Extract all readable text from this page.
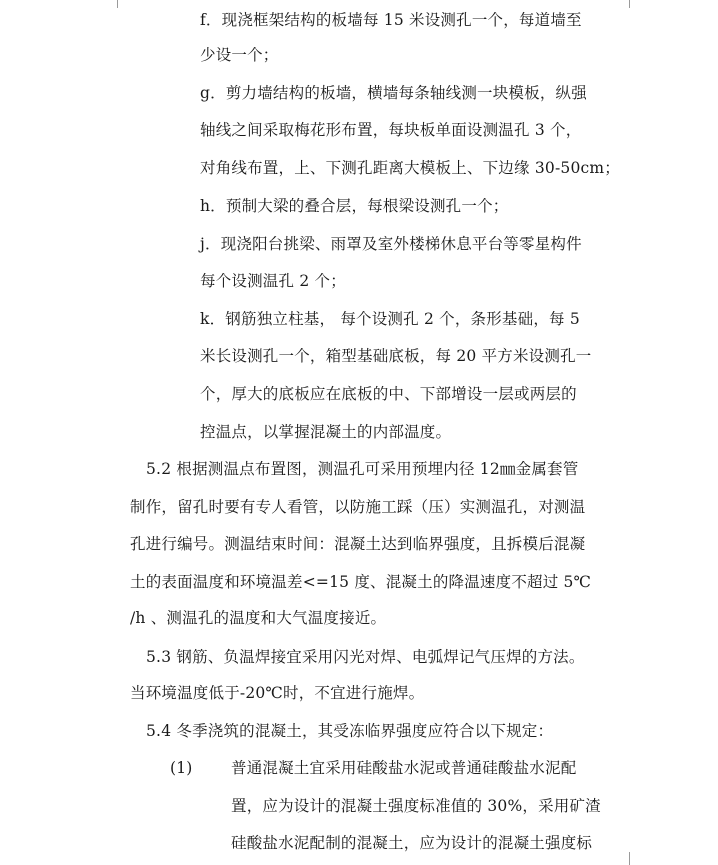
f．现浇框架结构的板墙每 15 米设测孔一个，每道墙至
少设一个；
g．剪力墙结构的板墙，横墙每条轴线测一块模板，纵强
轴线之间采取梅花形布置，每块板单面设测温孔 3 个，
对角线布置，上、下测孔距离大模板上、下边缘 30-50cm；
h．预制大梁的叠合层，每根梁设测孔一个；
j．现浇阳台挑梁、雨罩及室外楼梯休息平台等零星构件
每个设测温孔 2 个；
k．钢筋独立柱基， 每个设测孔 2 个，条形基础，每 5
米长设测孔一个，箱型基础底板，每 20 平方米设测孔一
个，厚大的底板应在底板的中、下部增设一层或两层的
控温点，以掌握混凝土的内部温度。
5.2 根据测温点布置图，测温孔可采用预埋内径 12㎜金属套管
制作，留孔时要有专人看管，以防施工踩（压）实测温孔，对测温
孔进行编号。测温结束时间：混凝土达到临界强度，且拆模后混凝
土的表面温度和环境温差<=15 度、混凝土的降温速度不超过 5℃
/h 、测温孔的温度和大气温度接近。
5.3 钢筋、负温焊接宜采用闪光对焊、电弧焊记气压焊的方法。
当环境温度低于-20℃时，不宜进行施焊。
5.4 冬季浇筑的混凝土，其受冻临界强度应符合以下规定：
(1) 普通混凝土宜采用硅酸盐水泥或普通硅酸盐水泥配
置，应为设计的混凝土强度标准值的 30%，采用矿渣
硅酸盐水泥配制的混凝土，应为设计的混凝土强度标
